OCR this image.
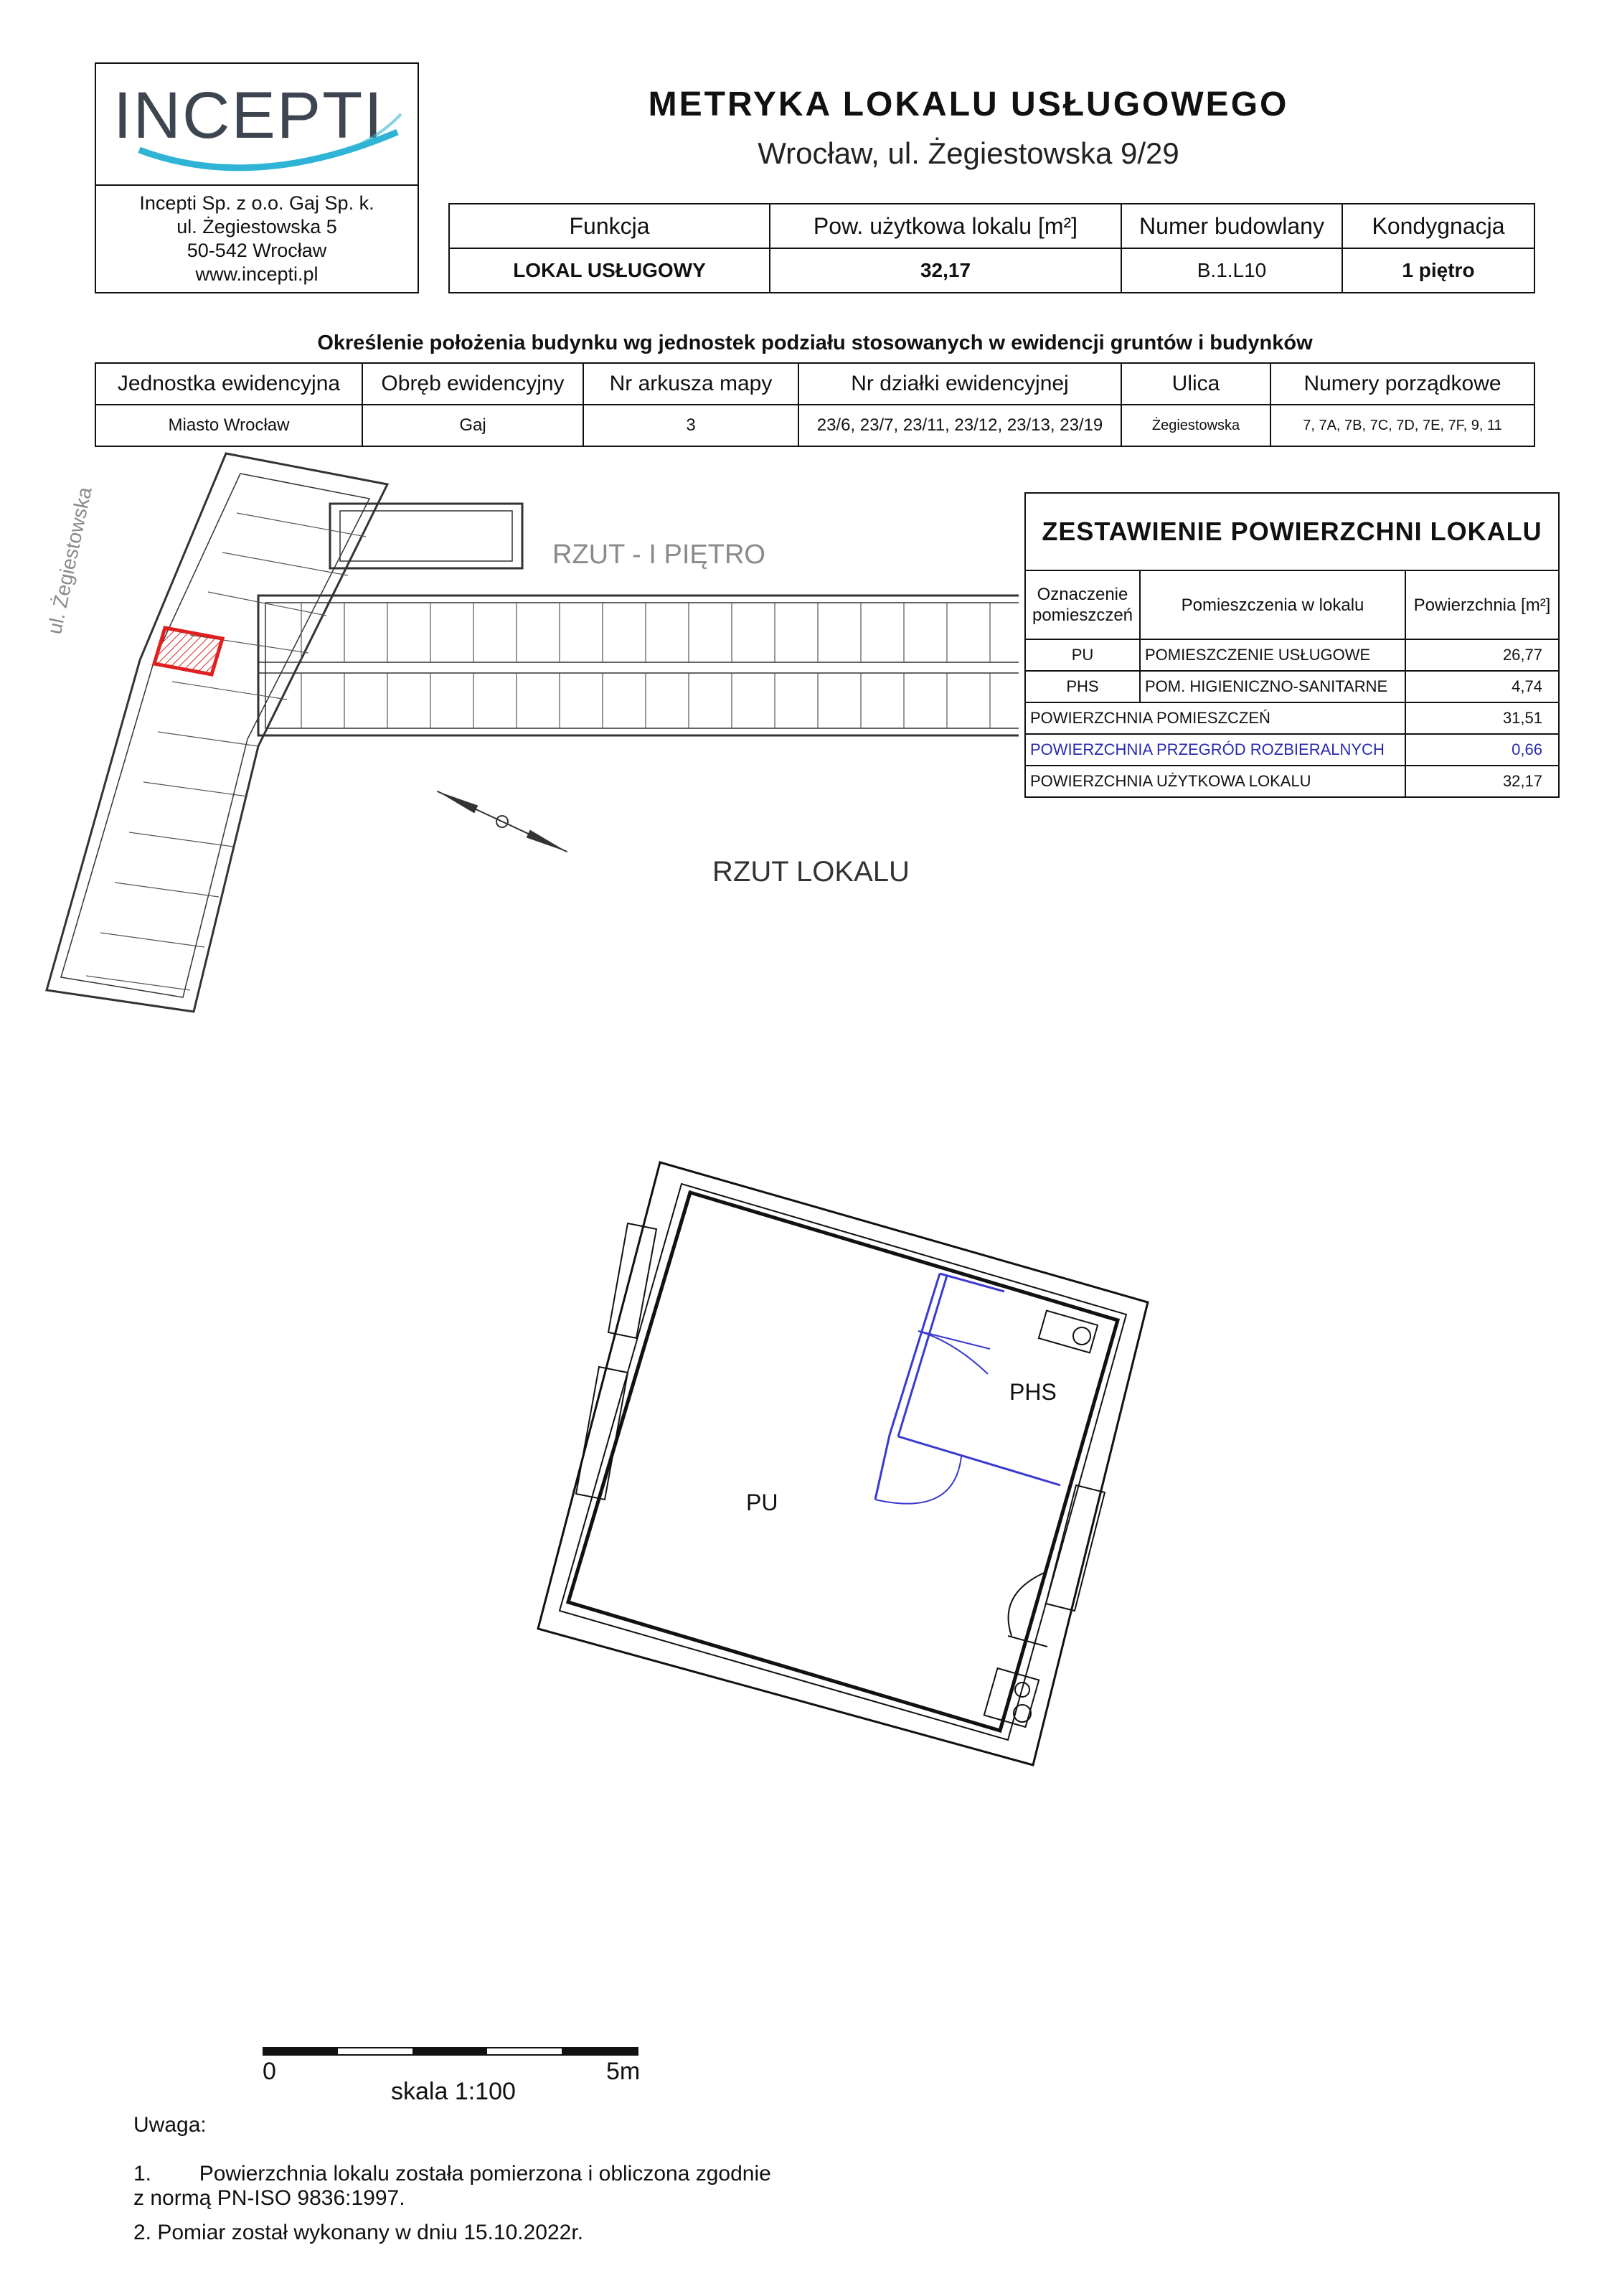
INCEPTI
Incepti Sp. z o.o. Gaj Sp. k.
ul. Żegiestowska 5
50-542 Wrocław
www.incepti.pl
METRYKA LOKALU USŁUGOWEGO
Wrocław, ul. Żegiestowska 9/29
Funkcja	Pow. użytkowa lokalu [m²]	Numer budowlany	Kondygnacja
LOKAL USŁUGOWY	32,17	B.1.L10	1 piętro
Określenie położenia budynku wg jednostek podziału stosowanych w ewidencji gruntów i budynków
Jednostka ewidencyjna	Obręb ewidencyjny	Nr arkusza mapy	Nr działki ewidencyjnej	Ulica	Numery porządkowe
Miasto Wrocław	Gaj	3	23/6, 23/7, 23/11, 23/12, 23/13, 23/19	Żegiestowska	7, 7A, 7B, 7C, 7D, 7E, 7F, 9, 11
ZESTAWIENIE POWIERZCHNI LOKALU		
Oznaczenie pomieszczeń	Pomieszczenia w lokalu	Powierzchnia [m²]
PU	POMIESZCZENIE USŁUGOWE	26,77
PHS	POM. HIGIENICZNO-SANITARNE	4,74
POWIERZCHNIA POMIESZCZEŃ		31,51
POWIERZCHNIA PRZEGRÓD ROZBIERALNYCH		0,66
POWIERZCHNIA UŻYTKOWA LOKALU		32,17
RZUT - I PIĘTRO
ul. Żegiestowska
RZUT LOKALU
PU
PHS
0	5m
skala 1:100
Uwaga:
1.        Powierzchnia lokalu została pomierzona i obliczona zgodnie
z normą PN-ISO 9836:1997.
2. Pomiar został wykonany w dniu 15.10.2022r.
